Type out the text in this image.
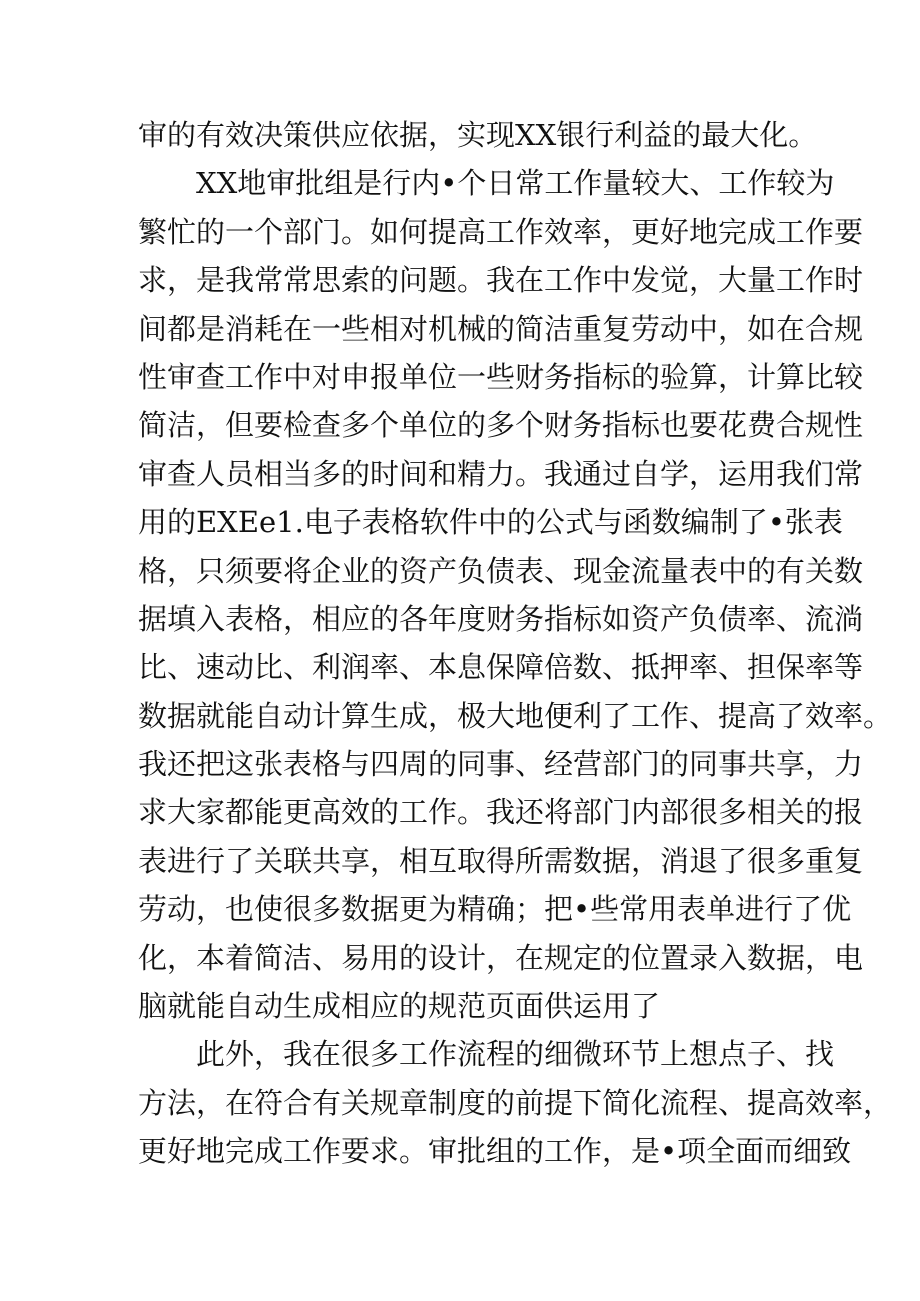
审的有效决策供应依据，实现XX银行利益的最大化。
XX地审批组是行内•个日常工作量较大、工作较为
繁忙的一个部门。如何提高工作效率，更好地完成工作要
求，是我常常思索的问题。我在工作中发觉，大量工作时
间都是消耗在一些相对机械的简洁重复劳动中，如在合规
性审查工作中对申报单位一些财务指标的验算，计算比较
简洁，但要检查多个单位的多个财务指标也要花费合规性
审查人员相当多的时间和精力。我通过自学，运用我们常
用的EXEe1.电子表格软件中的公式与函数编制了•张表
格，只须要将企业的资产负债表、现金流量表中的有关数
据填入表格，相应的各年度财务指标如资产负债率、流淌
比、速动比、利润率、本息保障倍数、抵押率、担保率等
数据就能自动计算生成，极大地便利了工作、提高了效率。
我还把这张表格与四周的同事、经营部门的同事共享，力
求大家都能更高效的工作。我还将部门内部很多相关的报
表进行了关联共享，相互取得所需数据，消退了很多重复
劳动，也使很多数据更为精确；把•些常用表单进行了优
化，本着简洁、易用的设计，在规定的位置录入数据，电
脑就能自动生成相应的规范页面供运用了
此外，我在很多工作流程的细微环节上想点子、找
方法，在符合有关规章制度的前提下简化流程、提高效率，
更好地完成工作要求。审批组的工作，是•项全面而细致
